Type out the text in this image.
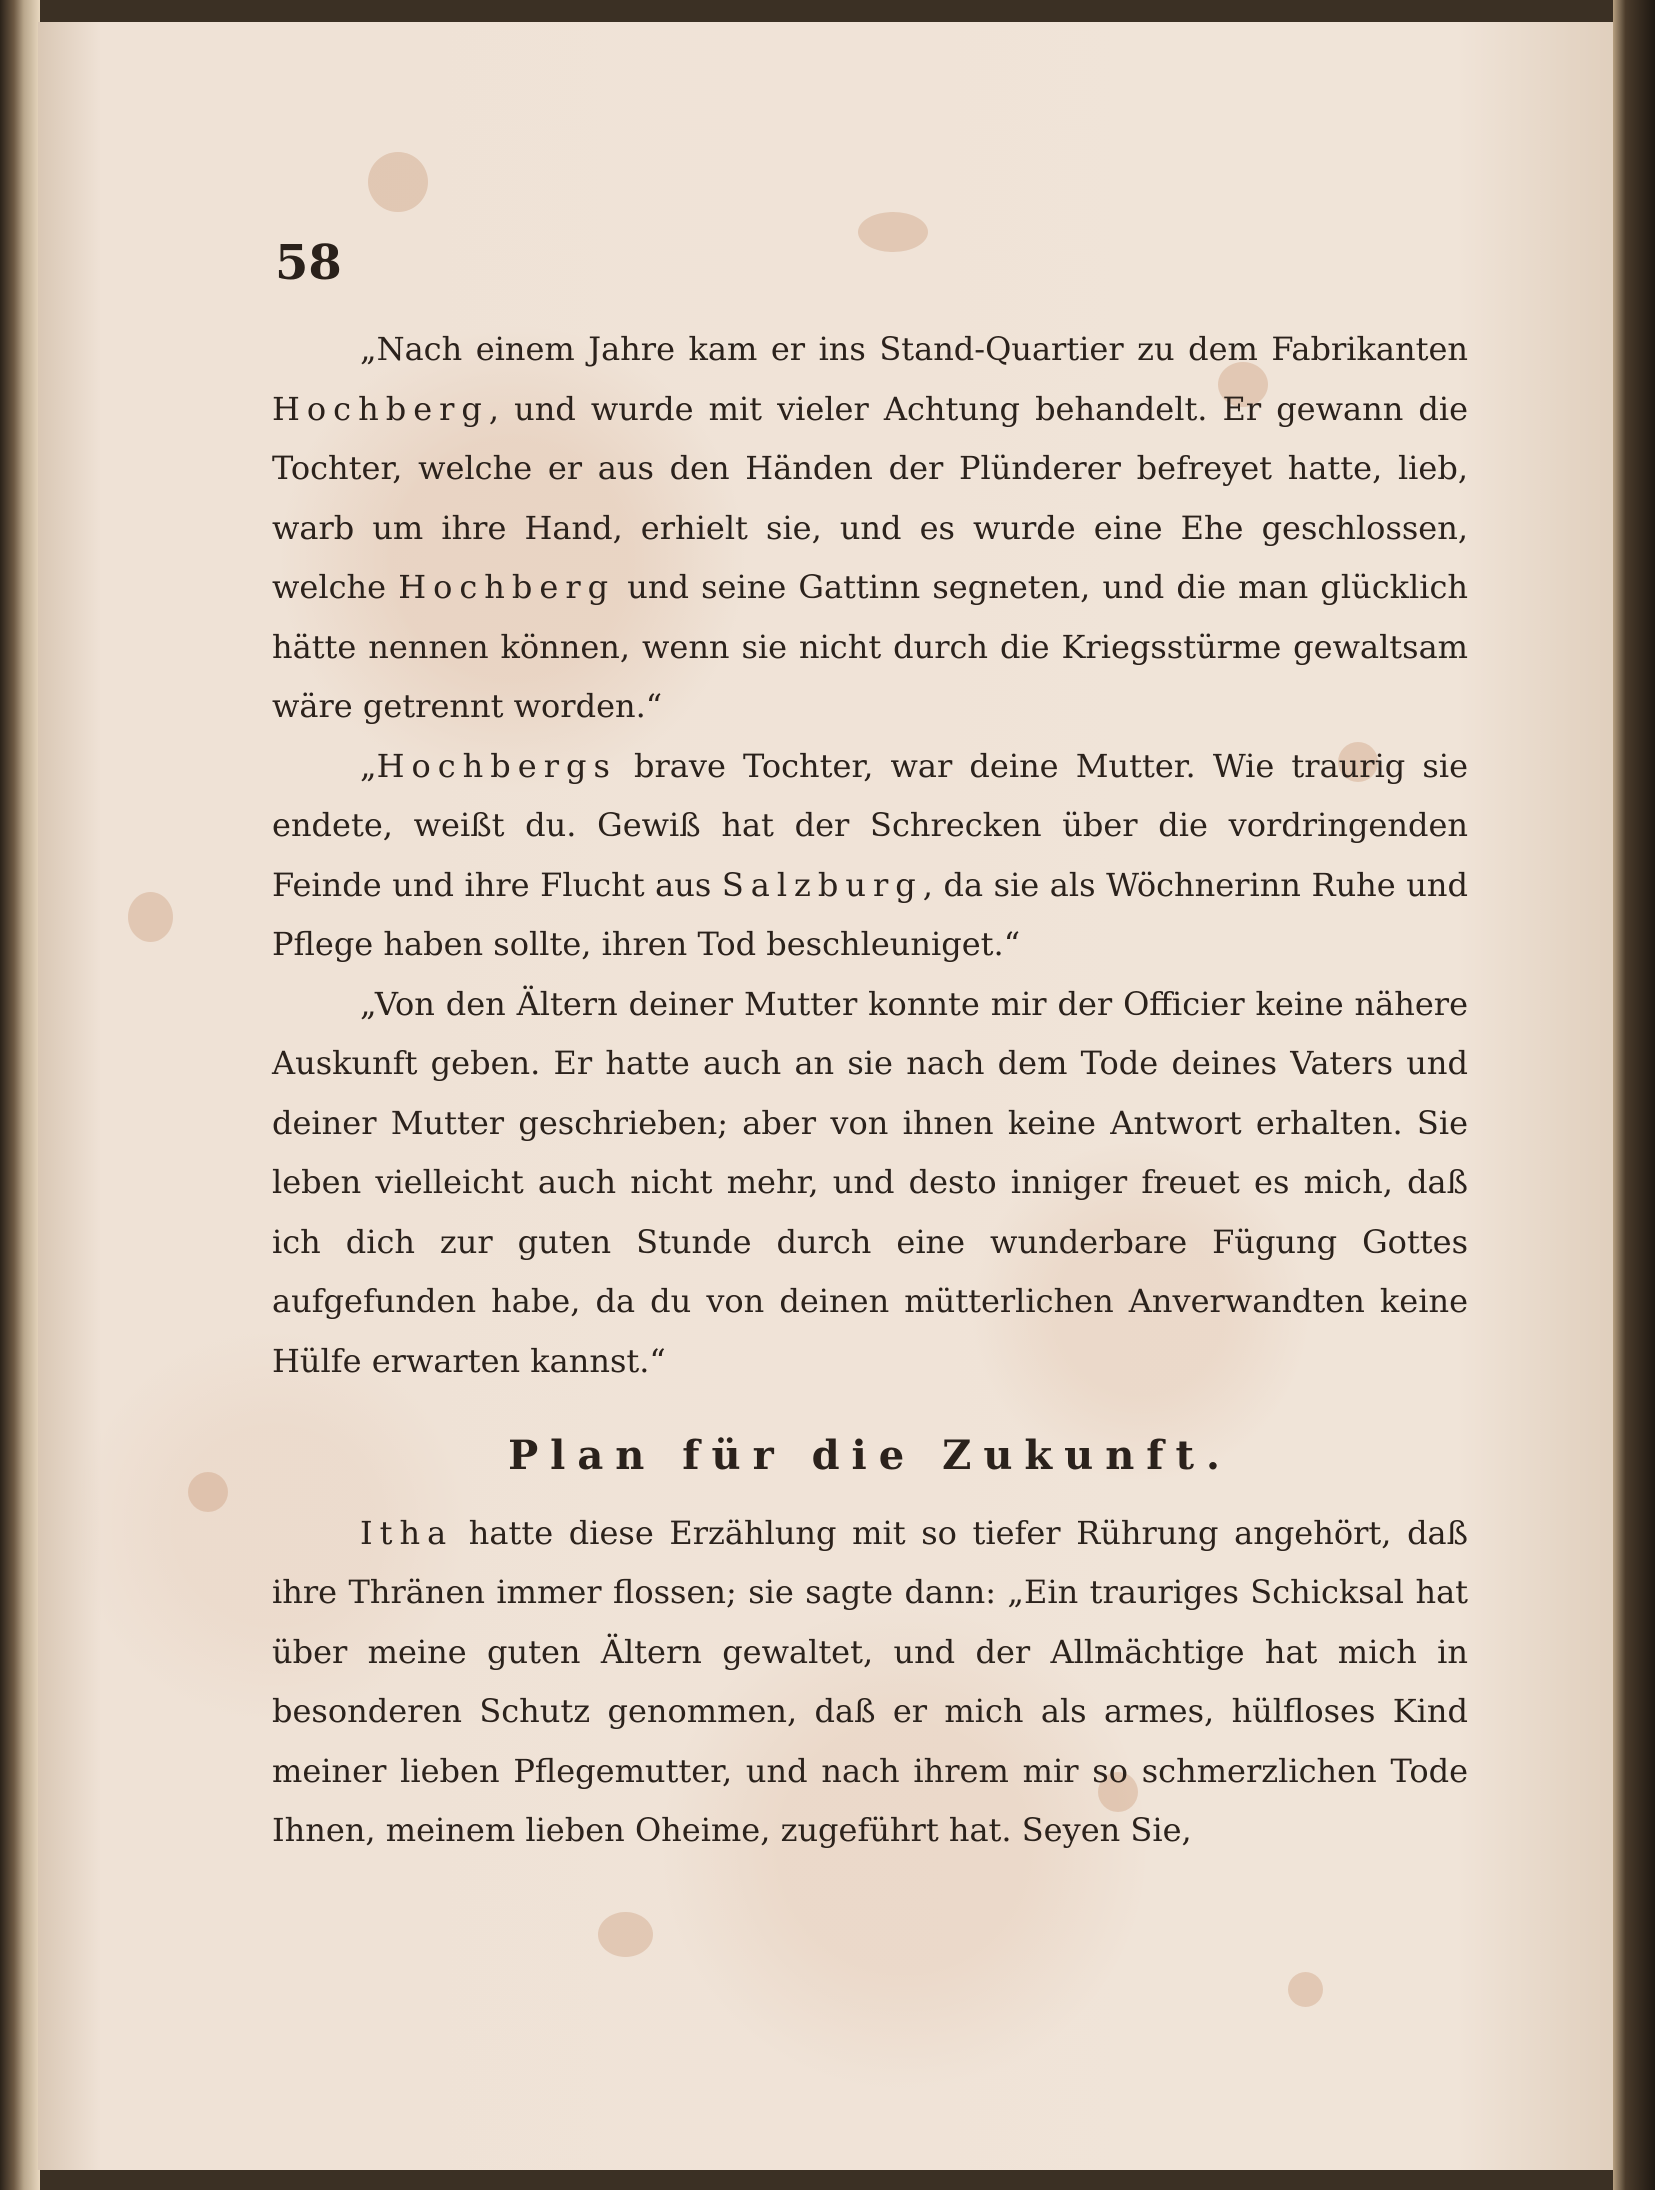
58

„Nach einem Jahre kam er ins Stand-Quartier zu dem Fabrikanten Hochberg, und wurde mit vieler Achtung behandelt. Er gewann die Tochter, welche er aus den Händen der Plünderer befreyet hatte, lieb, warb um ihre Hand, erhielt sie, und es wurde eine Ehe geschlossen, welche Hochberg und seine Gattinn segneten, und die man glücklich hätte nennen können, wenn sie nicht durch die Kriegsstürme gewaltsam wäre getrennt worden.“

„Hochbergs brave Tochter, war deine Mutter. Wie traurig sie endete, weißt du. Gewiß hat der Schrecken über die vordringenden Feinde und ihre Flucht aus Salzburg, da sie als Wöchnerinn Ruhe und Pflege haben sollte, ihren Tod beschleuniget.“

„Von den Ältern deiner Mutter konnte mir der Officier keine nähere Auskunft geben. Er hatte auch an sie nach dem Tode deines Vaters und deiner Mutter geschrieben; aber von ihnen keine Antwort erhalten. Sie leben vielleicht auch nicht mehr, und desto inniger freuet es mich, daß ich dich zur guten Stunde durch eine wunderbare Fügung Gottes aufgefunden habe, da du von deinen mütterlichen Anverwandten keine Hülfe erwarten kannst.“

Plan für die Zukunft.

Itha hatte diese Erzählung mit so tiefer Rührung angehört, daß ihre Thränen immer flossen; sie sagte dann: „Ein trauriges Schicksal hat über meine guten Ältern gewaltet, und der Allmächtige hat mich in besonderen Schutz genommen, daß er mich als armes, hülfloses Kind meiner lieben Pflegemutter, und nach ihrem mir so schmerzlichen Tode Ihnen, meinem lieben Oheime, zugeführt hat. Seyen Sie,
